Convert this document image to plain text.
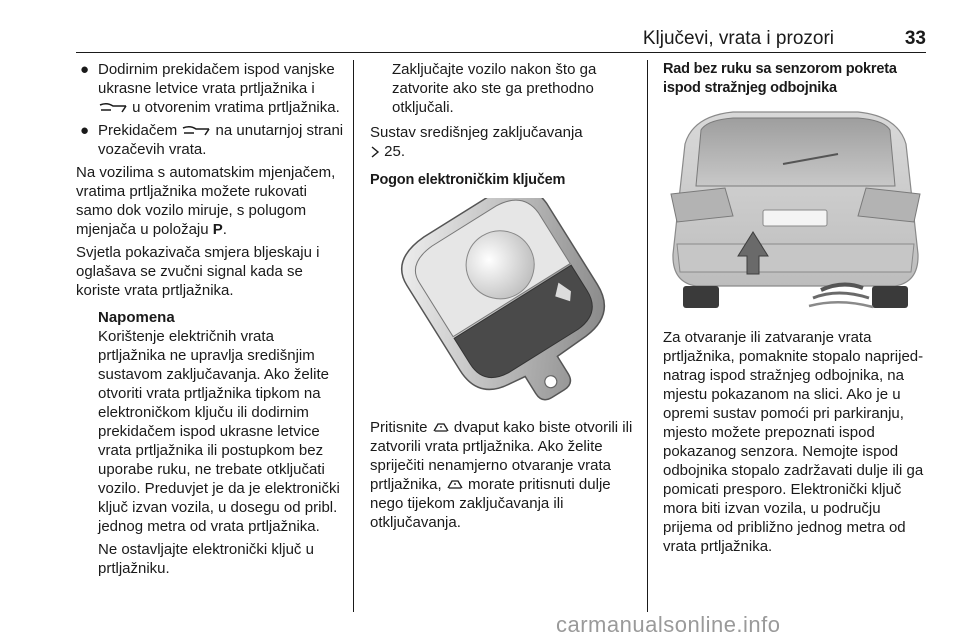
Ključevi, vrata i prozori	33
● Dodirnim prekidačem ispod vanjske ukrasne letvice vrata prtljažnika i  u otvorenim vratima prtljažnika.
● Prekidačem	na unutarnjoj strani vozačevih vrata.

Na vozilima s automatskim mjenjačem, vratima prtljažnika možete rukovati samo dok vozilo miruje, s polugom mjenjača u položaju P.

Svjetla pokazivača smjera bljeskaju i oglašava se zvučni signal kada se koriste vrata prtljažnika.

Napomena

Korištenje električnih vrata prtljažnika ne upravlja središnjim sustavom zaključavanja. Ako želite otvoriti vrata prtljažnika tipkom na elektroničkom ključu ili dodirnim prekidačem ispod ukrasne letvice vrata prtljažnika ili postupkom bez uporabe ruku, ne trebate otključati vozilo. Preduvjet je da je elektronički ključ izvan vozila, u dosegu od pribl. jednog metra od vrata prtljažnika.

Ne ostavljajte elektronički ključ u prtljažniku.

Zaključajte vozilo nakon što ga zatvorite ako ste ga prethodno otključali.

Sustav središnjeg zaključavanja
25.

Pogon elektroničkim ključem

Pritisnite dvaput kako biste otvorili ili zatvorili vrata prtljažnika. Ako želite spriječiti nenamjerno otvaranje vrata prtljažnika, morate pritisnuti dulje nego tijekom zaključavanja ili otključavanja.

Rad bez ruku sa senzorom pokreta ispod stražnjeg odbojnika

Za otvaranje ili zatvaranje vrata prtljažnika, pomaknite stopalo naprijed-natrag ispod stražnjeg odbojnika, na mjestu pokazanom na slici. Ako je u opremi sustav pomoći pri parkiranju, mjesto možete prepoznati ispod pokazanog senzora. Nemojte ispod odbojnika stopalo zadržavati dulje ili ga pomicati presporo. Elektronički ključ mora biti izvan vozila, u području prijema od približno jednog metra od vrata prtljažnika.

carmanualsonline.info
